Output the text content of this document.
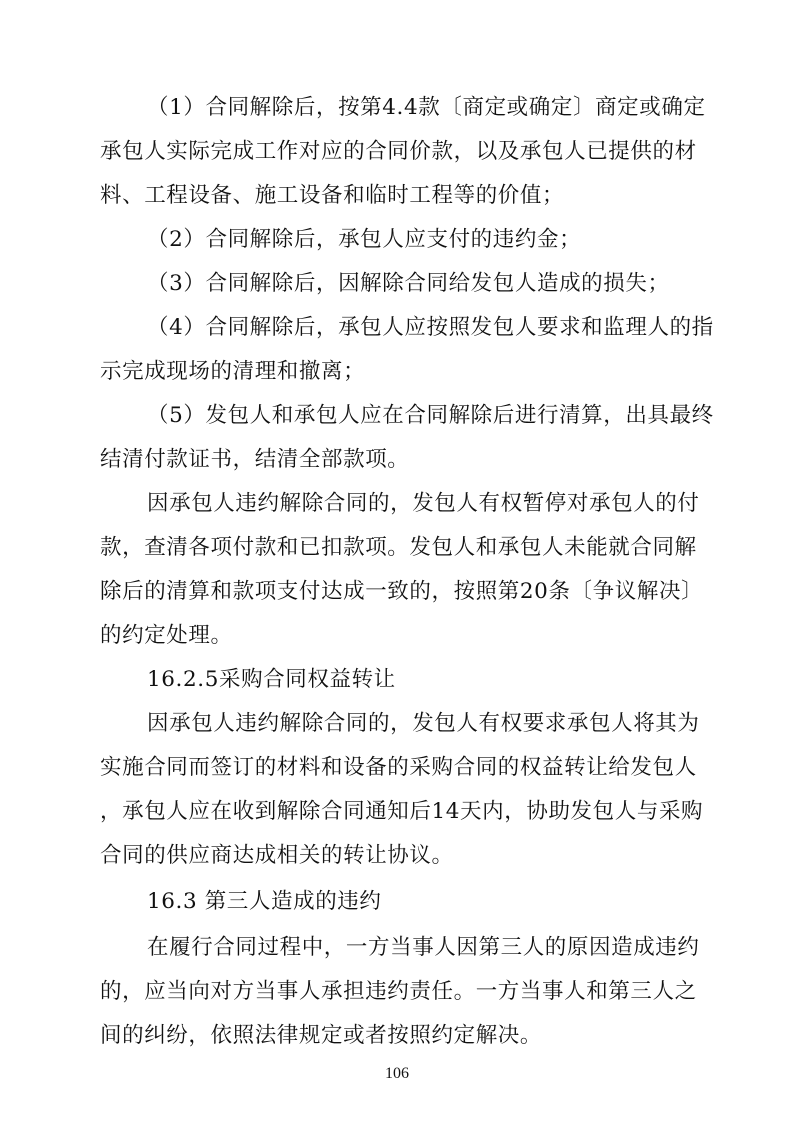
（1）合同解除后，按第4.4款〔商定或确定〕商定或确定
承包人实际完成工作对应的合同价款，以及承包人已提供的材
料、工程设备、施工设备和临时工程等的价值；
（2）合同解除后，承包人应支付的违约金；
（3）合同解除后，因解除合同给发包人造成的损失；
（4）合同解除后，承包人应按照发包人要求和监理人的指
示完成现场的清理和撤离；
（5）发包人和承包人应在合同解除后进行清算，出具最终
结清付款证书，结清全部款项。
因承包人违约解除合同的，发包人有权暂停对承包人的付
款，查清各项付款和已扣款项。发包人和承包人未能就合同解
除后的清算和款项支付达成一致的，按照第20条〔争议解决〕
的约定处理。
16.2.5采购合同权益转让
因承包人违约解除合同的，发包人有权要求承包人将其为
实施合同而签订的材料和设备的采购合同的权益转让给发包人
，承包人应在收到解除合同通知后14天内，协助发包人与采购
合同的供应商达成相关的转让协议。
16.3 第三人造成的违约
在履行合同过程中，一方当事人因第三人的原因造成违约
的，应当向对方当事人承担违约责任。一方当事人和第三人之
间的纠纷，依照法律规定或者按照约定解决。
106
